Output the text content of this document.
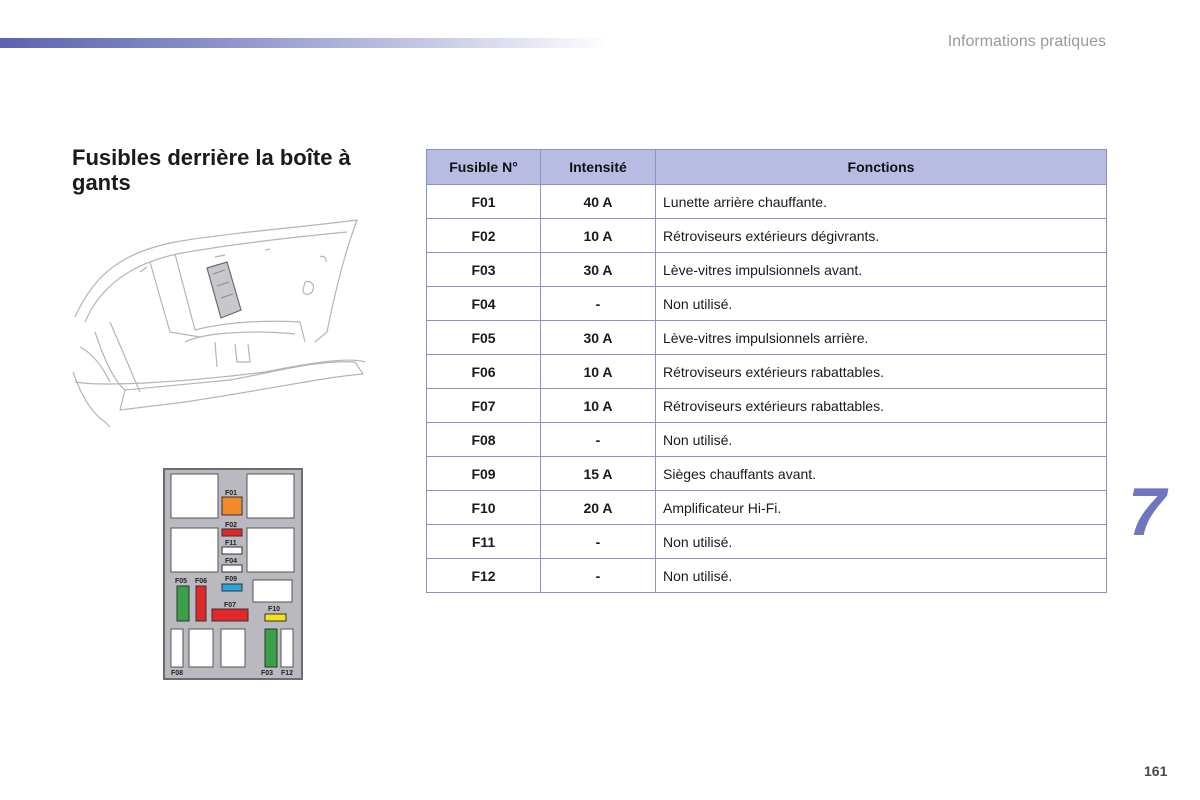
Informations pratiques
Fusibles derrière la boîte à gants
F01
F02
F11
F04
F05 F06	F09
F07
F10
F08	F03 F12
Fusible N°	Intensité	Fonctions
F01	40 A	Lunette arrière chauffante.
F02	10 A	Rétroviseurs extérieurs dégivrants.
F03	30 A	Lève-vitres impulsionnels avant.
F04	-	Non utilisé.
F05	30 A	Lève-vitres impulsionnels arrière.
F06	10 A	Rétroviseurs extérieurs rabattables.
F07	10 A	Rétroviseurs extérieurs rabattables.
F08	-	Non utilisé.
F09	15 A	Sièges chauffants avant.
F10	20 A	Amplificateur Hi-Fi.
F11	-	Non utilisé.
F12	-	Non utilisé.
7
161
